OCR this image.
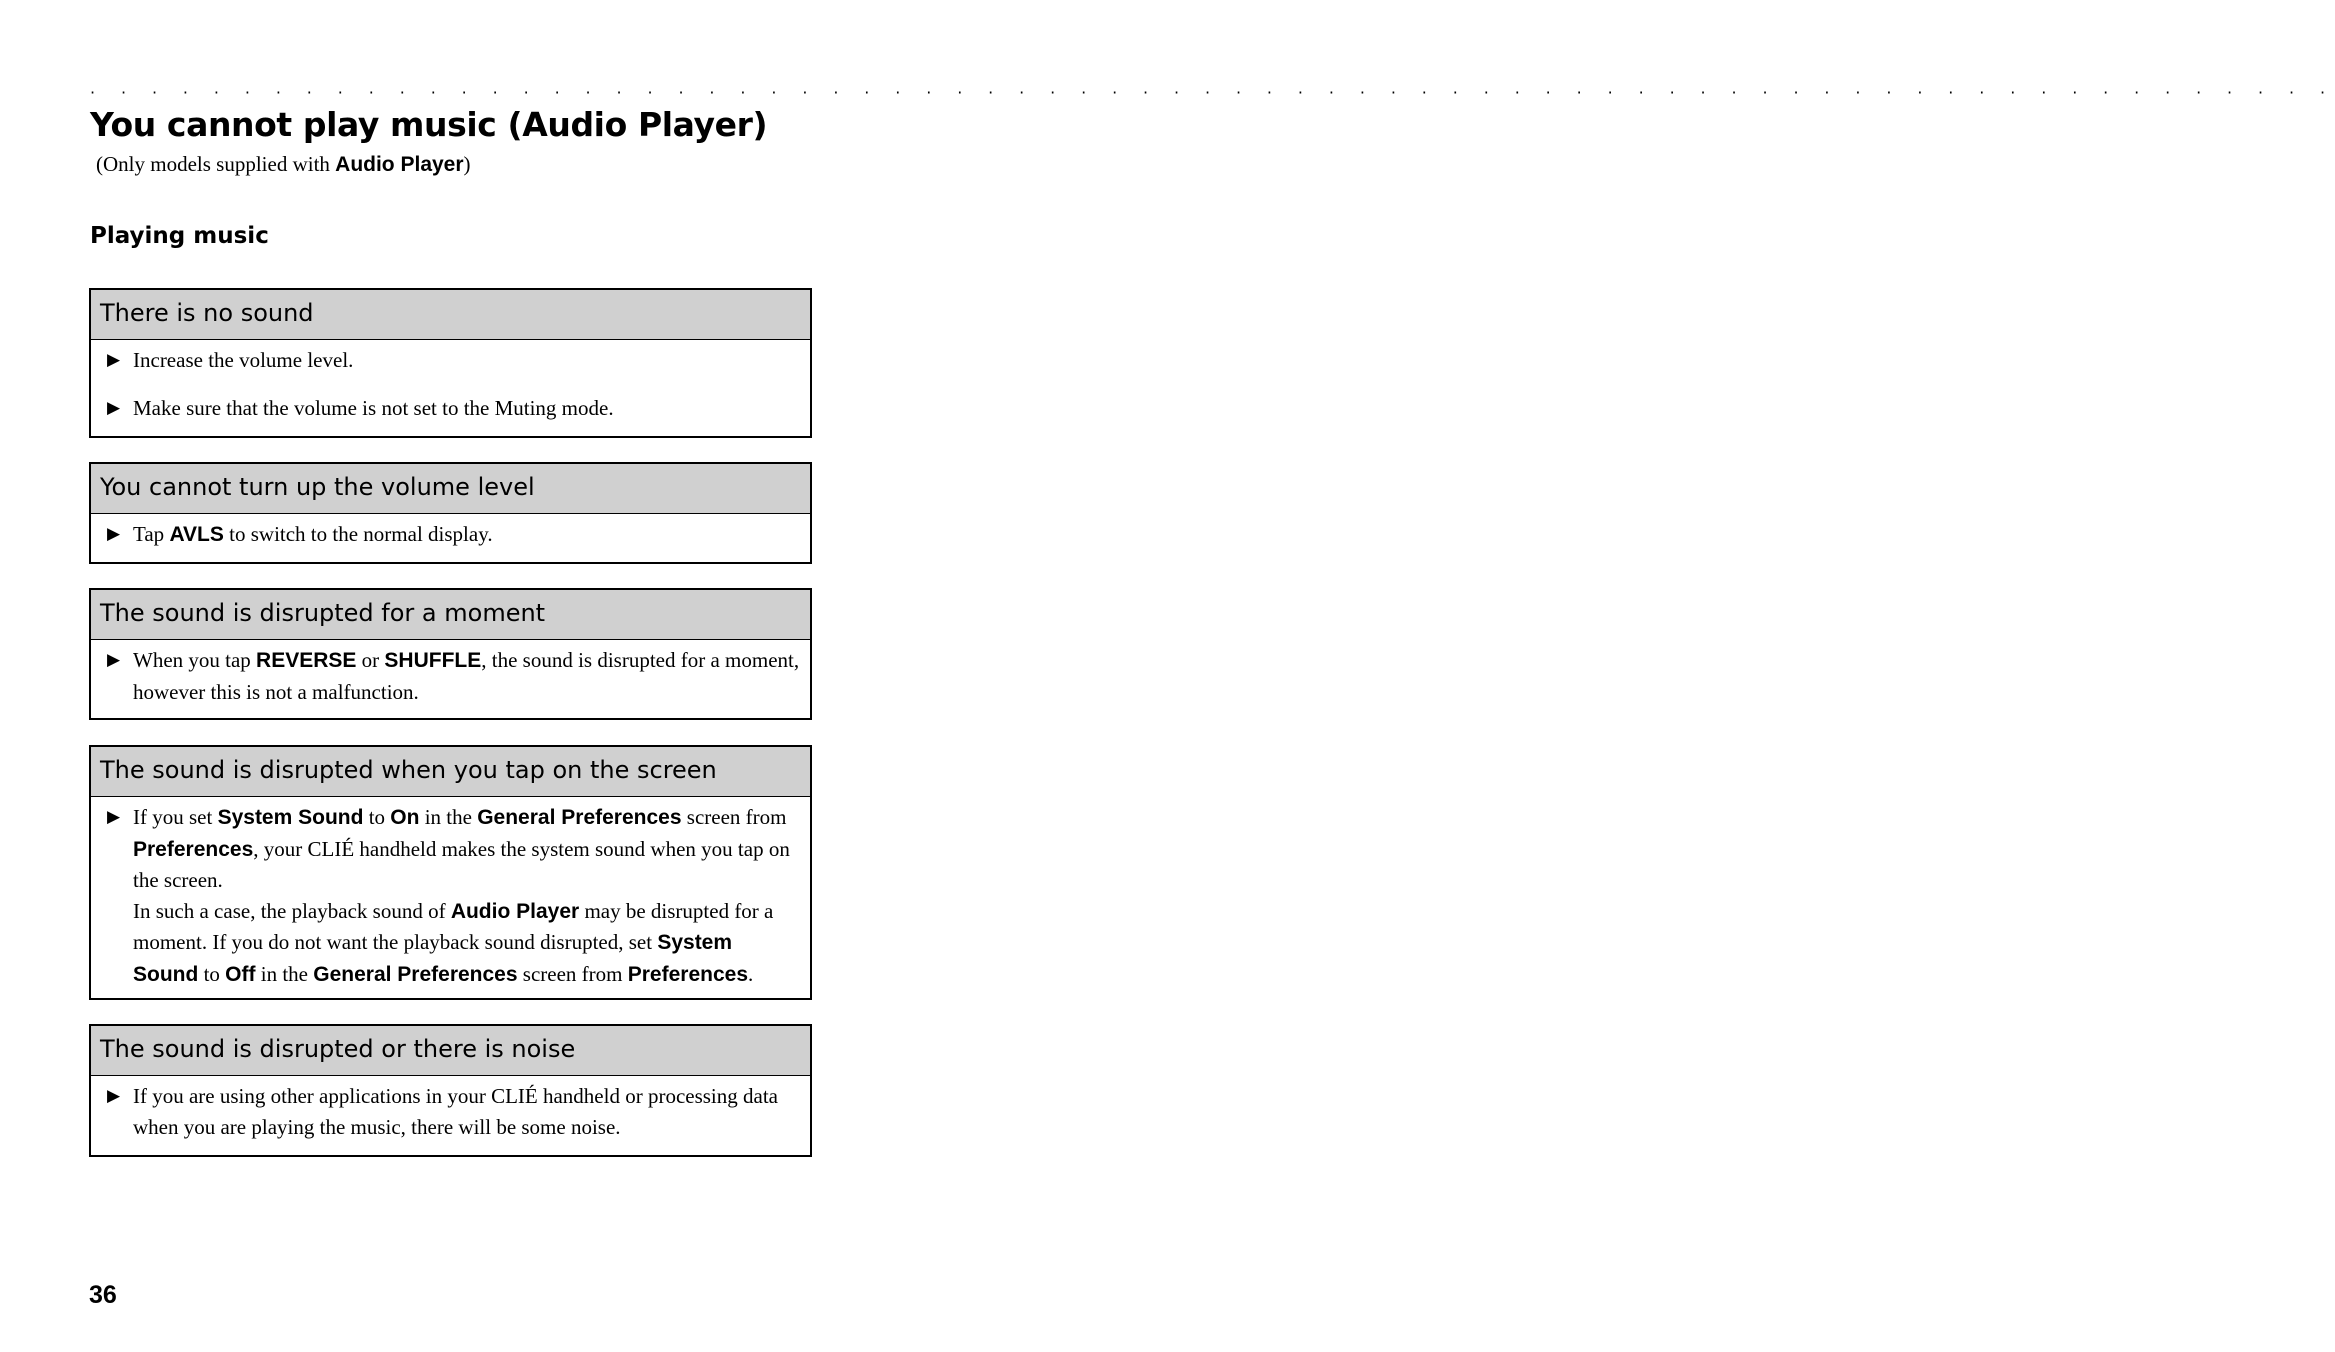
· · · · · · · · · · · · · · · · · · · · · · · · · · · · · · · · · · · · · · · · · · · · · · · · · · · · · · · · · · · · · · · · · · · · · · · · ·
You cannot play music (Audio Player)
(Only models supplied with Audio Player)
Playing music
There is no sound
▶ Increase the volume level.
▶ Make sure that the volume is not set to the Muting mode.
You cannot turn up the volume level
▶ Tap AVLS to switch to the normal display.
The sound is disrupted for a moment
▶ When you tap REVERSE or SHUFFLE, the sound is disrupted for a moment, however this is not a malfunction.
The sound is disrupted when you tap on the screen
▶ If you set System Sound to On in the General Preferences screen from Preferences, your CLIÉ handheld makes the system sound when you tap on the screen.
In such a case, the playback sound of Audio Player may be disrupted for a moment. If you do not want the playback sound disrupted, set System Sound to Off in the General Preferences screen from Preferences.
The sound is disrupted or there is noise
▶ If you are using other applications in your CLIÉ handheld or processing data when you are playing the music, there will be some noise.
36
